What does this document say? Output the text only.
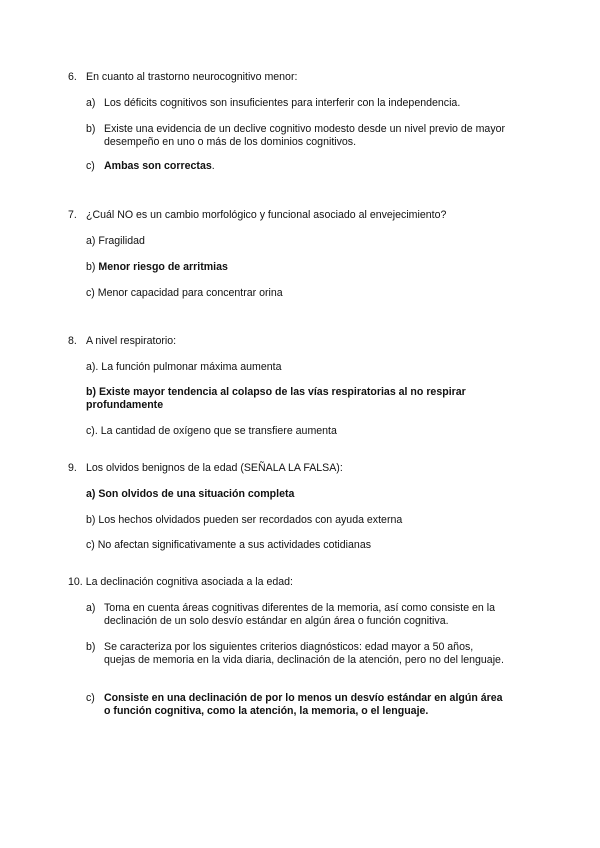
6. En cuanto al trastorno neurocognitivo menor:
a) Los déficits cognitivos son insuficientes para interferir con la independencia.
b) Existe una evidencia de un declive cognitivo modesto desde un nivel previo de mayor desempeño en uno o más de los dominios cognitivos.
c) Ambas son correctas.
7. ¿Cuál NO es un cambio morfológico y funcional asociado al envejecimiento?
a) Fragilidad
b) Menor riesgo de arritmias
c) Menor capacidad para concentrar orina
8. A nivel respiratorio:
a). La función pulmonar máxima aumenta
b) Existe mayor tendencia al colapso de las vías respiratorias al no respirar profundamente
c). La cantidad de oxígeno que se transfiere aumenta
9. Los olvidos benignos de la edad (SEÑALA LA FALSA):
a) Son olvidos de una situación completa
b) Los hechos olvidados pueden ser recordados con ayuda externa
c) No afectan significativamente a sus actividades cotidianas
10. La declinación cognitiva asociada a la edad:
a) Toma en cuenta áreas cognitivas diferentes de la memoria, así como consiste en la declinación de un solo desvío estándar en algún área o función cognitiva.
b) Se caracteriza por los siguientes criterios diagnósticos: edad mayor a 50 años, quejas de memoria en la vida diaria, declinación de la atención, pero no del lenguaje.
c) Consiste en una declinación de por lo menos un desvío estándar en algún área o función cognitiva, como la atención, la memoria, o el lenguaje.
